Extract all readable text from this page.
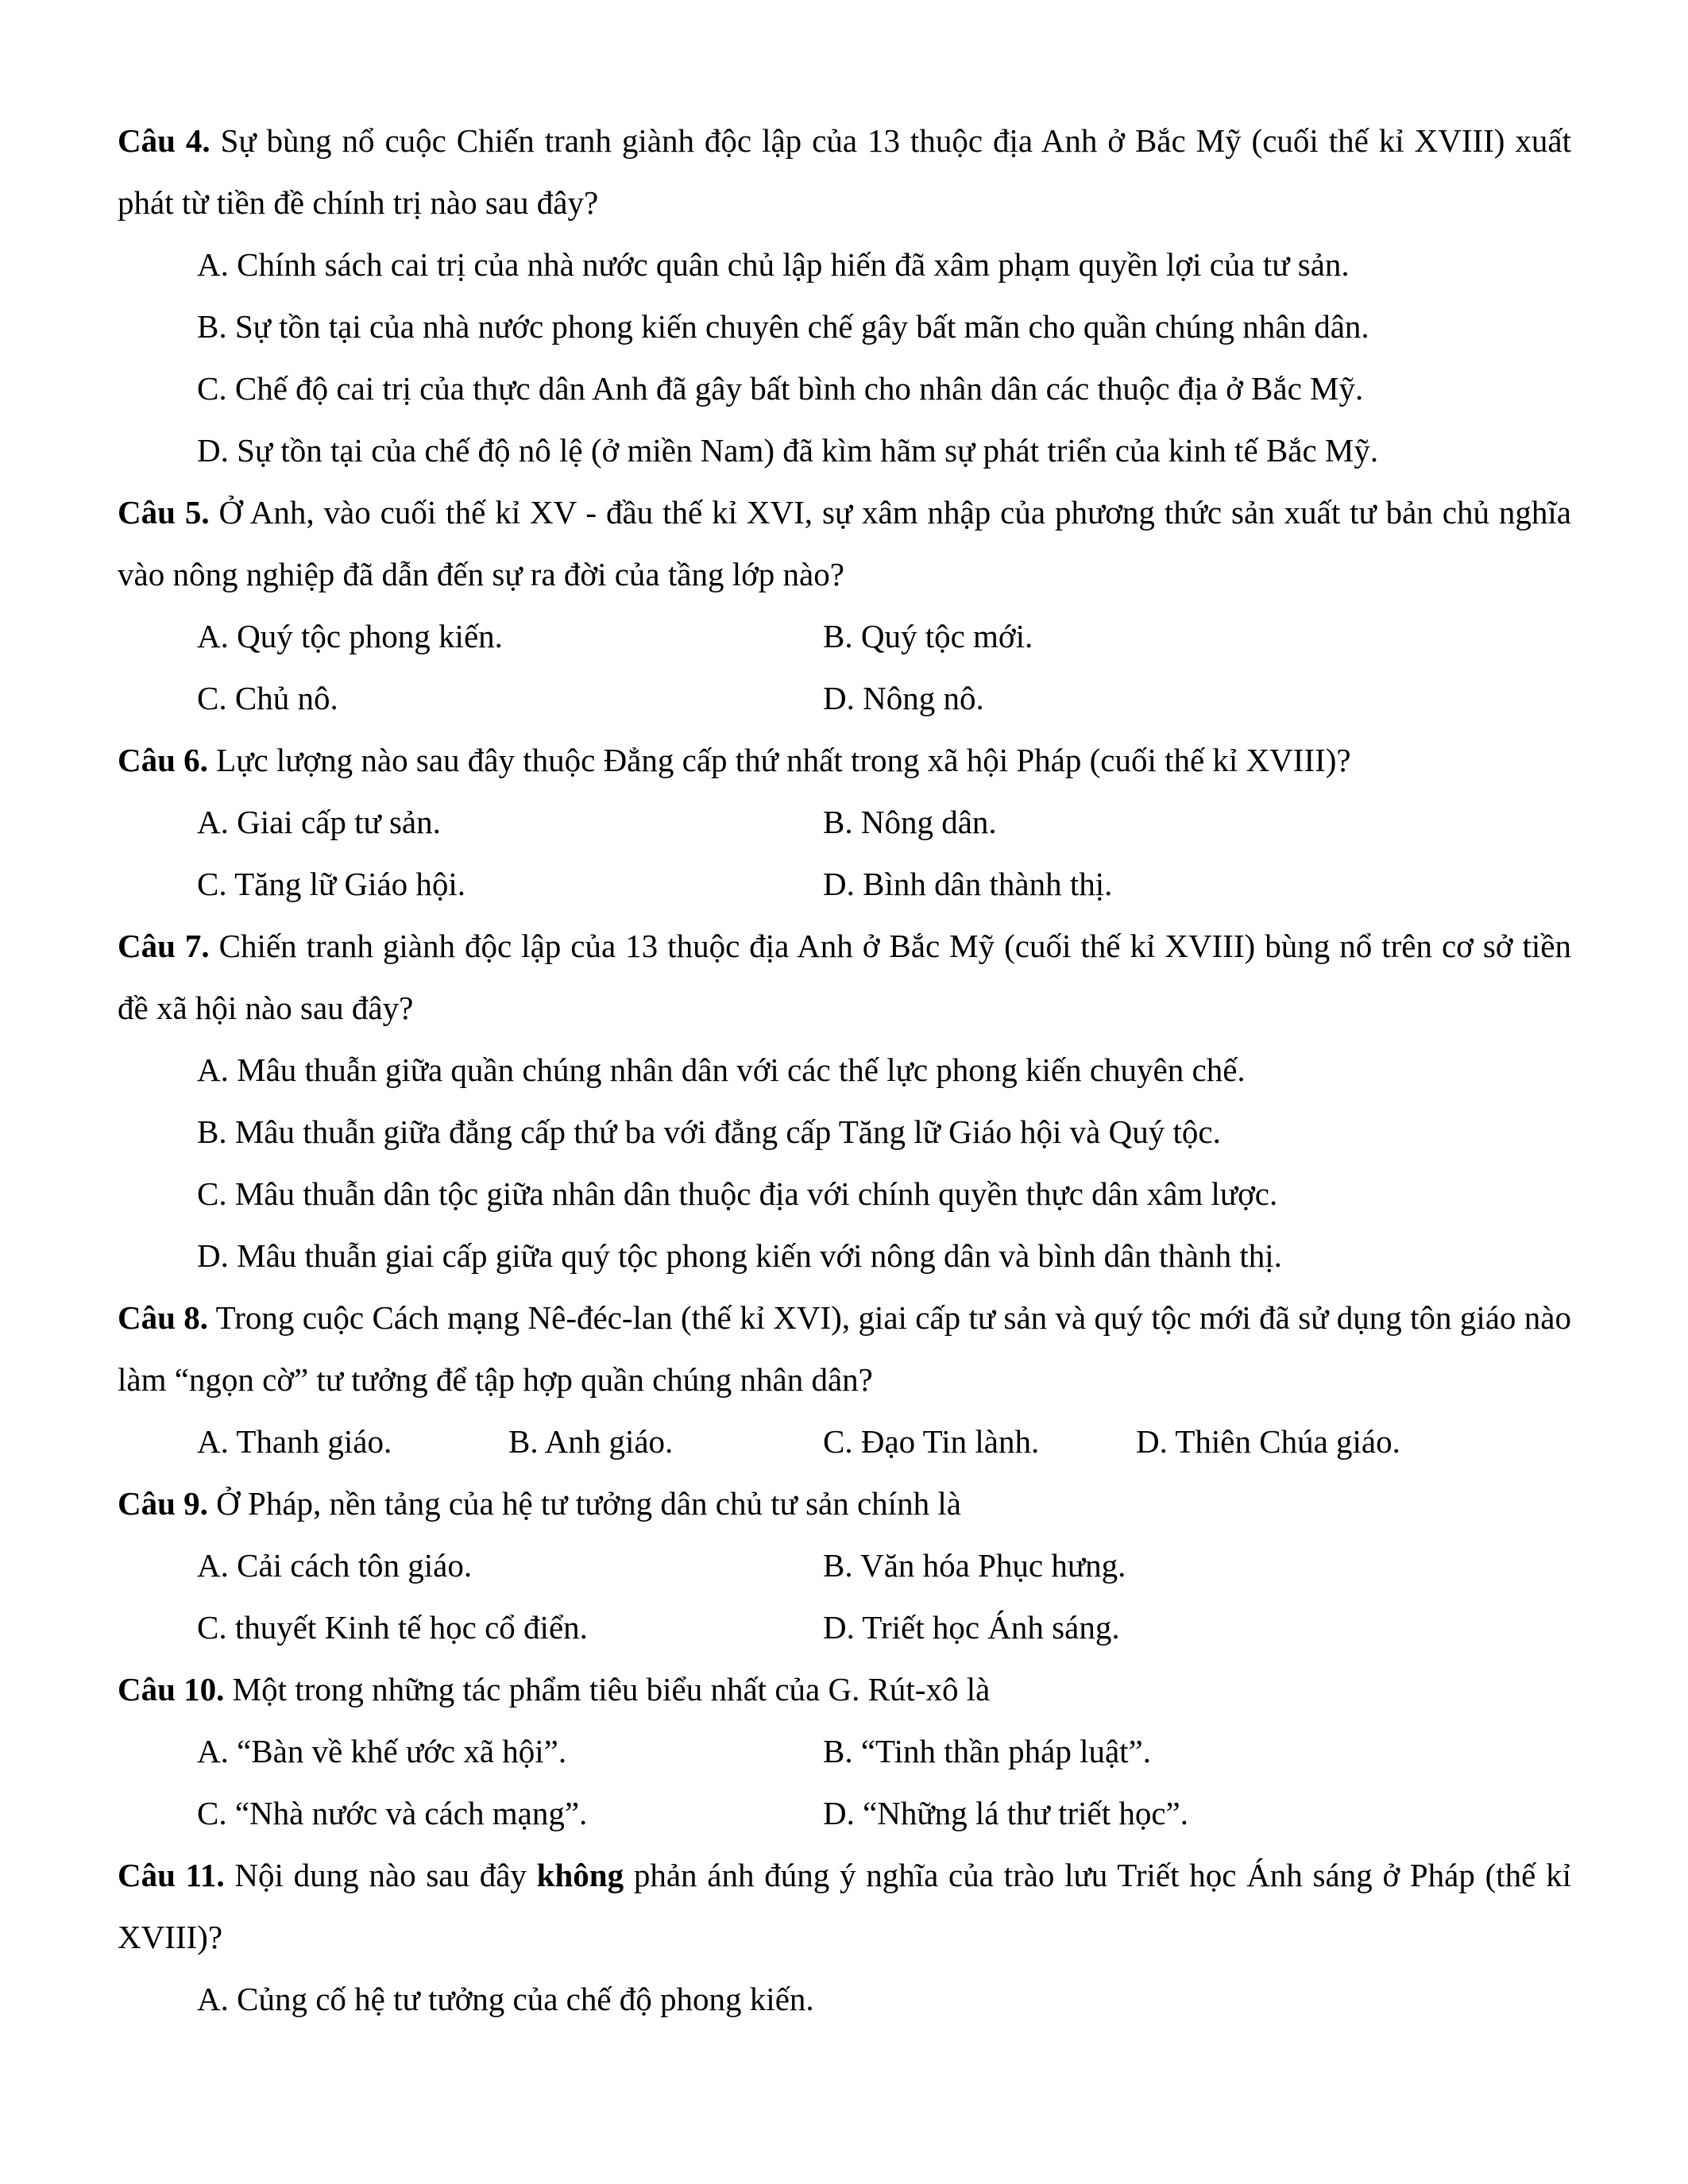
Câu 4. Sự bùng nổ cuộc Chiến tranh giành độc lập của 13 thuộc địa Anh ở Bắc Mỹ (cuối thế kỉ XVIII) xuất phát từ tiền đề chính trị nào sau đây?

A. Chính sách cai trị của nhà nước quân chủ lập hiến đã xâm phạm quyền lợi của tư sản.

B. Sự tồn tại của nhà nước phong kiến chuyên chế gây bất mãn cho quần chúng nhân dân.

C. Chế độ cai trị của thực dân Anh đã gây bất bình cho nhân dân các thuộc địa ở Bắc Mỹ.

D. Sự tồn tại của chế độ nô lệ (ở miền Nam) đã kìm hãm sự phát triển của kinh tế Bắc Mỹ.

Câu 5. Ở Anh, vào cuối thế kỉ XV - đầu thế kỉ XVI, sự xâm nhập của phương thức sản xuất tư bản chủ nghĩa vào nông nghiệp đã dẫn đến sự ra đời của tầng lớp nào?

A. Quý tộc phong kiến.	B. Quý tộc mới.

C. Chủ nô.	D. Nông nô.

Câu 6. Lực lượng nào sau đây thuộc Đẳng cấp thứ nhất trong xã hội Pháp (cuối thế kỉ XVIII)?

A. Giai cấp tư sản.	B. Nông dân.

C. Tăng lữ Giáo hội.	D. Bình dân thành thị.

Câu 7. Chiến tranh giành độc lập của 13 thuộc địa Anh ở Bắc Mỹ (cuối thế kỉ XVIII) bùng nổ trên cơ sở tiền đề xã hội nào sau đây?

A. Mâu thuẫn giữa quần chúng nhân dân với các thế lực phong kiến chuyên chế.

B. Mâu thuẫn giữa đẳng cấp thứ ba với đẳng cấp Tăng lữ Giáo hội và Quý tộc.

C. Mâu thuẫn dân tộc giữa nhân dân thuộc địa với chính quyền thực dân xâm lược.

D. Mâu thuẫn giai cấp giữa quý tộc phong kiến với nông dân và bình dân thành thị.

Câu 8. Trong cuộc Cách mạng Nê-đéc-lan (thế kỉ XVI), giai cấp tư sản và quý tộc mới đã sử dụng tôn giáo nào làm “ngọn cờ” tư tưởng để tập hợp quần chúng nhân dân?

A. Thanh giáo.	B. Anh giáo.	C. Đạo Tin lành.	D. Thiên Chúa giáo.

Câu 9. Ở Pháp, nền tảng của hệ tư tưởng dân chủ tư sản chính là

A. Cải cách tôn giáo.	B. Văn hóa Phục hưng.

C. thuyết Kinh tế học cổ điển.	D. Triết học Ánh sáng.

Câu 10. Một trong những tác phẩm tiêu biểu nhất của G. Rút-xô là

A. “Bàn về khế ước xã hội”.	B. “Tinh thần pháp luật”.

C. “Nhà nước và cách mạng”.	D. “Những lá thư triết học”.

Câu 11. Nội dung nào sau đây không phản ánh đúng ý nghĩa của trào lưu Triết học Ánh sáng ở Pháp (thế kỉ XVIII)?

A. Củng cố hệ tư tưởng của chế độ phong kiến.
